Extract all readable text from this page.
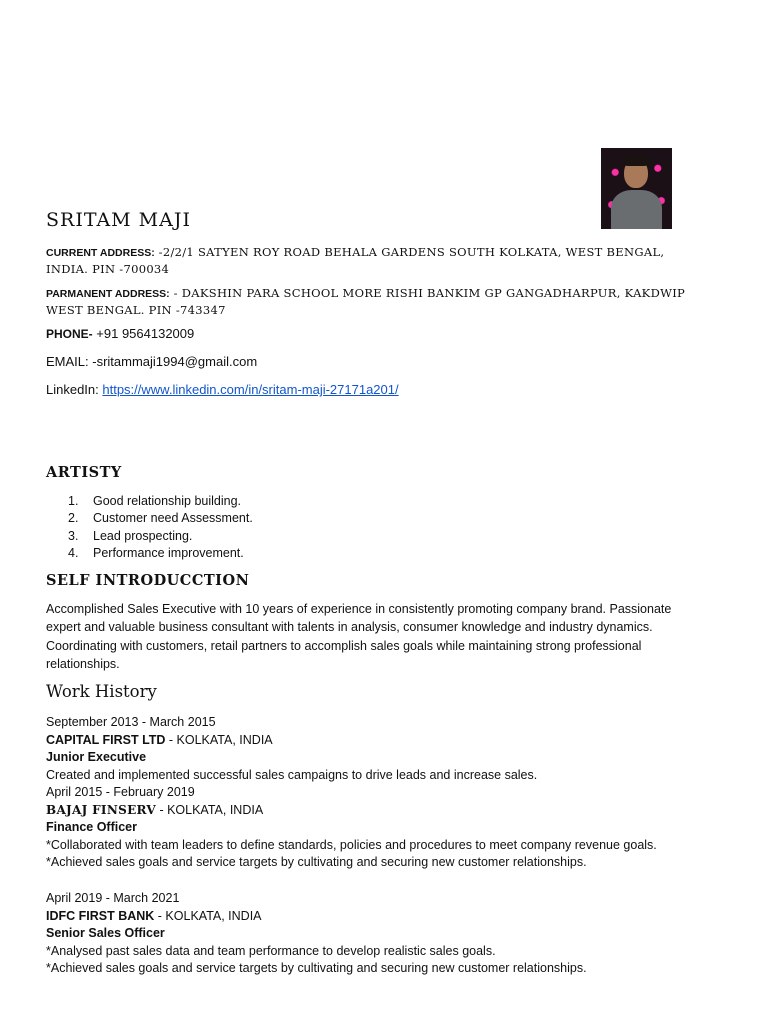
SRITAM MAJI
CURRENT ADDRESS: -2/2/1 SATYEN ROY ROAD BEHALA GARDENS SOUTH KOLKATA, WEST BENGAL, INDIA. PIN -700034
PARMANENT ADDRESS: - DAKSHIN PARA SCHOOL MORE RISHI BANKIM GP GANGADHARPUR, KAKDWIP WEST BENGAL. PIN -743347
PHONE- +91 9564132009
EMAIL: -sritammaji1994@gmail.com
LinkedIn: https://www.linkedin.com/in/sritam-maji-27171a201/
ARTISTY
1. Good relationship building.
2. Customer need Assessment.
3. Lead prospecting.
4. Performance improvement.
SELF INTRODUCCTION
Accomplished Sales Executive with 10 years of experience in consistently promoting company brand. Passionate expert and valuable business consultant with talents in analysis, consumer knowledge and industry dynamics. Coordinating with customers, retail partners to accomplish sales goals while maintaining strong professional relationships.
Work History
September 2013 - March 2015
CAPITAL FIRST LTD - KOLKATA, INDIA
Junior Executive
Created and implemented successful sales campaigns to drive leads and increase sales.
April 2015 - February 2019
BAJAJ FINSERV - KOLKATA, INDIA
Finance Officer
*Collaborated with team leaders to define standards, policies and procedures to meet company revenue goals.
*Achieved sales goals and service targets by cultivating and securing new customer relationships.
April 2019 - March 2021
IDFC FIRST BANK - KOLKATA, INDIA
Senior Sales Officer
*Analysed past sales data and team performance to develop realistic sales goals.
*Achieved sales goals and service targets by cultivating and securing new customer relationships.
